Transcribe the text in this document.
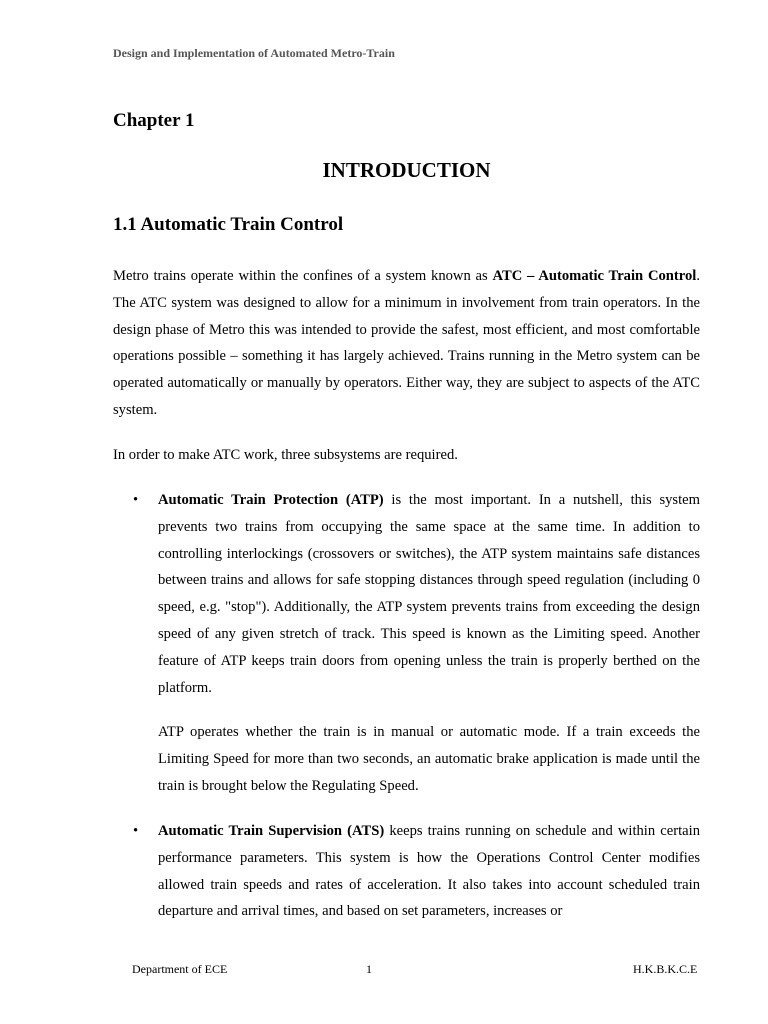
Design and Implementation of Automated Metro-Train
Chapter 1
INTRODUCTION
1.1 Automatic Train Control
Metro trains operate within the confines of a system known as ATC – Automatic Train Control. The ATC system was designed to allow for a minimum in involvement from train operators. In the design phase of Metro this was intended to provide the safest, most efficient, and most comfortable operations possible – something it has largely achieved. Trains running in the Metro system can be operated automatically or manually by operators. Either way, they are subject to aspects of the ATC system.
In order to make ATC work, three subsystems are required.
• Automatic Train Protection (ATP) is the most important. In a nutshell, this system prevents two trains from occupying the same space at the same time. In addition to controlling interlockings (crossovers or switches), the ATP system maintains safe distances between trains and allows for safe stopping distances through speed regulation (including 0 speed, e.g. "stop"). Additionally, the ATP system prevents trains from exceeding the design speed of any given stretch of track. This speed is known as the Limiting speed. Another feature of ATP keeps train doors from opening unless the train is properly berthed on the platform.
ATP operates whether the train is in manual or automatic mode. If a train exceeds the Limiting Speed for more than two seconds, an automatic brake application is made until the train is brought below the Regulating Speed.
• Automatic Train Supervision (ATS) keeps trains running on schedule and within certain performance parameters. This system is how the Operations Control Center modifies allowed train speeds and rates of acceleration. It also takes into account scheduled train departure and arrival times, and based on set parameters, increases or
Department of ECE	1	H.K.B.K.C.E
